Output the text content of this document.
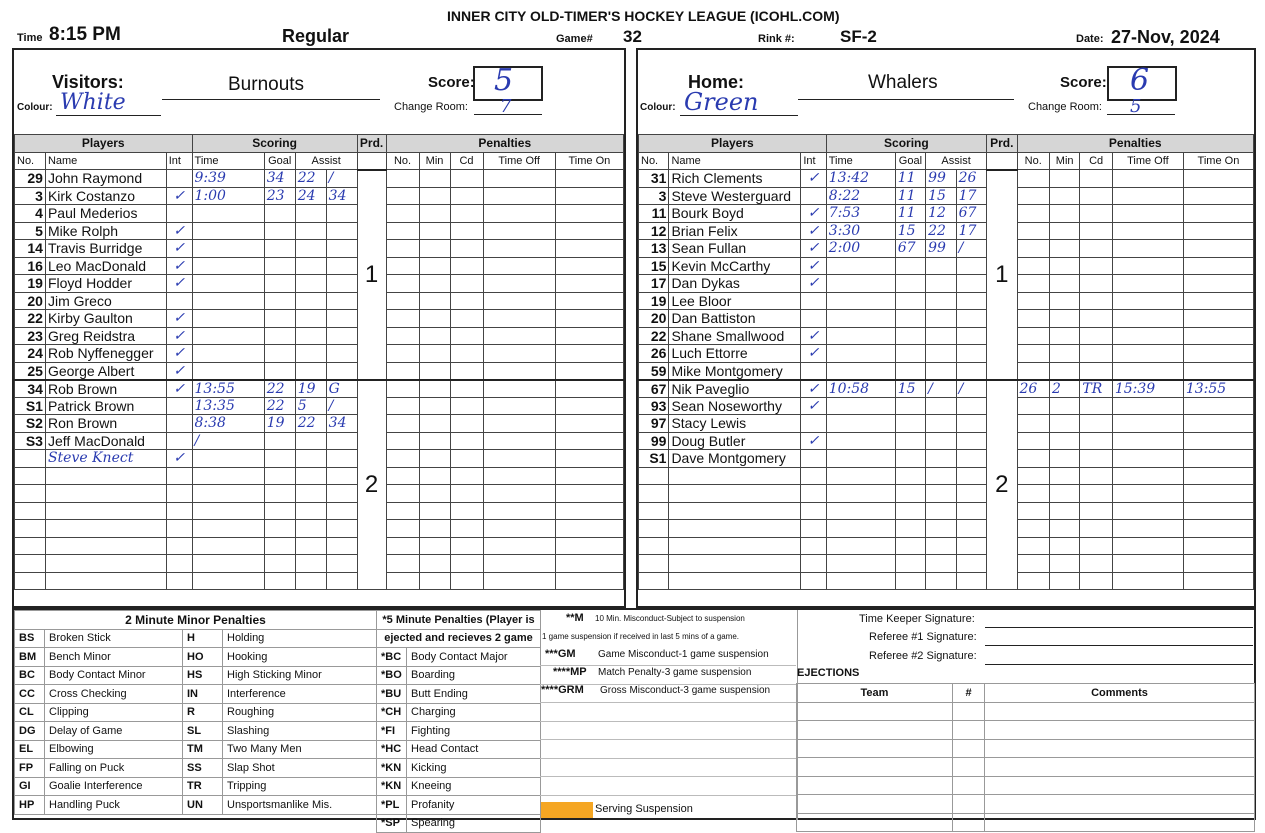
INNER CITY OLD-TIMER'S HOCKEY LEAGUE (ICOHL.COM)
Time 8:15 PM	Regular	Game# 32	Rink #:	SF-2	Date: 27-Nov, 2024
Visitors:	Burnouts	Score: 5
Change Room: 7
Colour: White
Players			Scoring				Prd.	Penalties				
No.	Name	Int	Time	Goal	Assist			No.	Min	Cd	Time Off	Time On
29	John Raymond		9:39	34	22	/	1					
3	Kirk Costanzo	✓	1:00	23	24	34						
4	Paul Mederios											
5	Mike Rolph	✓										
14	Travis Burridge	✓										
16	Leo MacDonald	✓										
19	Floyd Hodder	✓										
20	Jim Greco											
22	Kirby Gaulton	✓										
23	Greg Reidstra	✓										
24	Rob Nyffenegger	✓										
25	George Albert	✓										
34	Rob Brown	✓	13:55	22	19	G	2					
S1	Patrick Brown		13:35	22	5	/						
S2	Ron Brown		8:38	19	22	34						
S3	Jeff MacDonald		/									
	Steve Knect	✓										

Home:	Whalers	Score: 6
Change Room: 5
Colour: Green
Players			Scoring				Prd.	Penalties				
No.	Name	Int	Time	Goal	Assist			No.	Min	Cd	Time Off	Time On
31	Rich Clements	✓	13:42	11	99	26	1					
3	Steve Westerguard		8:22	11	15	17						
11	Bourk Boyd	✓	7:53	11	12	67						
12	Brian Felix	✓	3:30	15	22	17						
13	Sean Fullan	✓	2:00	67	99	/						
15	Kevin McCarthy	✓										
17	Dan Dykas	✓										
19	Lee Bloor											
20	Dan Battiston											
22	Shane Smallwood	✓										
26	Luch Ettorre	✓										
59	Mike Montgomery											
67	Nik Paveglio	✓	10:58	15	/	/	2	26	2	TR	15:39	13:55
93	Sean Noseworthy	✓										
97	Stacy Lewis											
99	Doug Butler	✓										
S1	Dave Montgomery											

2 Minute Minor Penalties			
BS	Broken Stick	H	Holding
BM	Bench Minor	HO	Hooking
BC	Body Contact Minor	HS	High Sticking Minor
CC	Cross Checking	IN	Interference
CL	Clipping	R	Roughing
DG	Delay of Game	SL	Slashing
EL	Elbowing	TM	Two Many Men
FP	Falling on Puck	SS	Slap Shot
GI	Goalie Interference	TR	Tripping
HP	Handling Puck	UN	Unsportsmanlike Mis.
*5 Minute Penalties (Player is	
ejected and recieves 2 game	
*BC	Body Contact Major
*BO	Boarding
*BU	Butt Ending
*CH	Charging
*FI	Fighting
*HC	Head Contact
*KN	Kicking
*KN	Kneeing
*PL	Profanity
*SP	Spearing
**M 10 Min. Misconduct-Subject to suspension
1 game suspension if received in last 5 mins of a game.
***GM Game Misconduct-1 game suspension
****MP Match Penalty-3 game suspension
****GRM Gross Misconduct-3 game suspension
Serving Suspension
Time Keeper Signature:
Referee #1 Signature:
Referee #2 Signature:
EJECTIONS
Team	#	Comments
